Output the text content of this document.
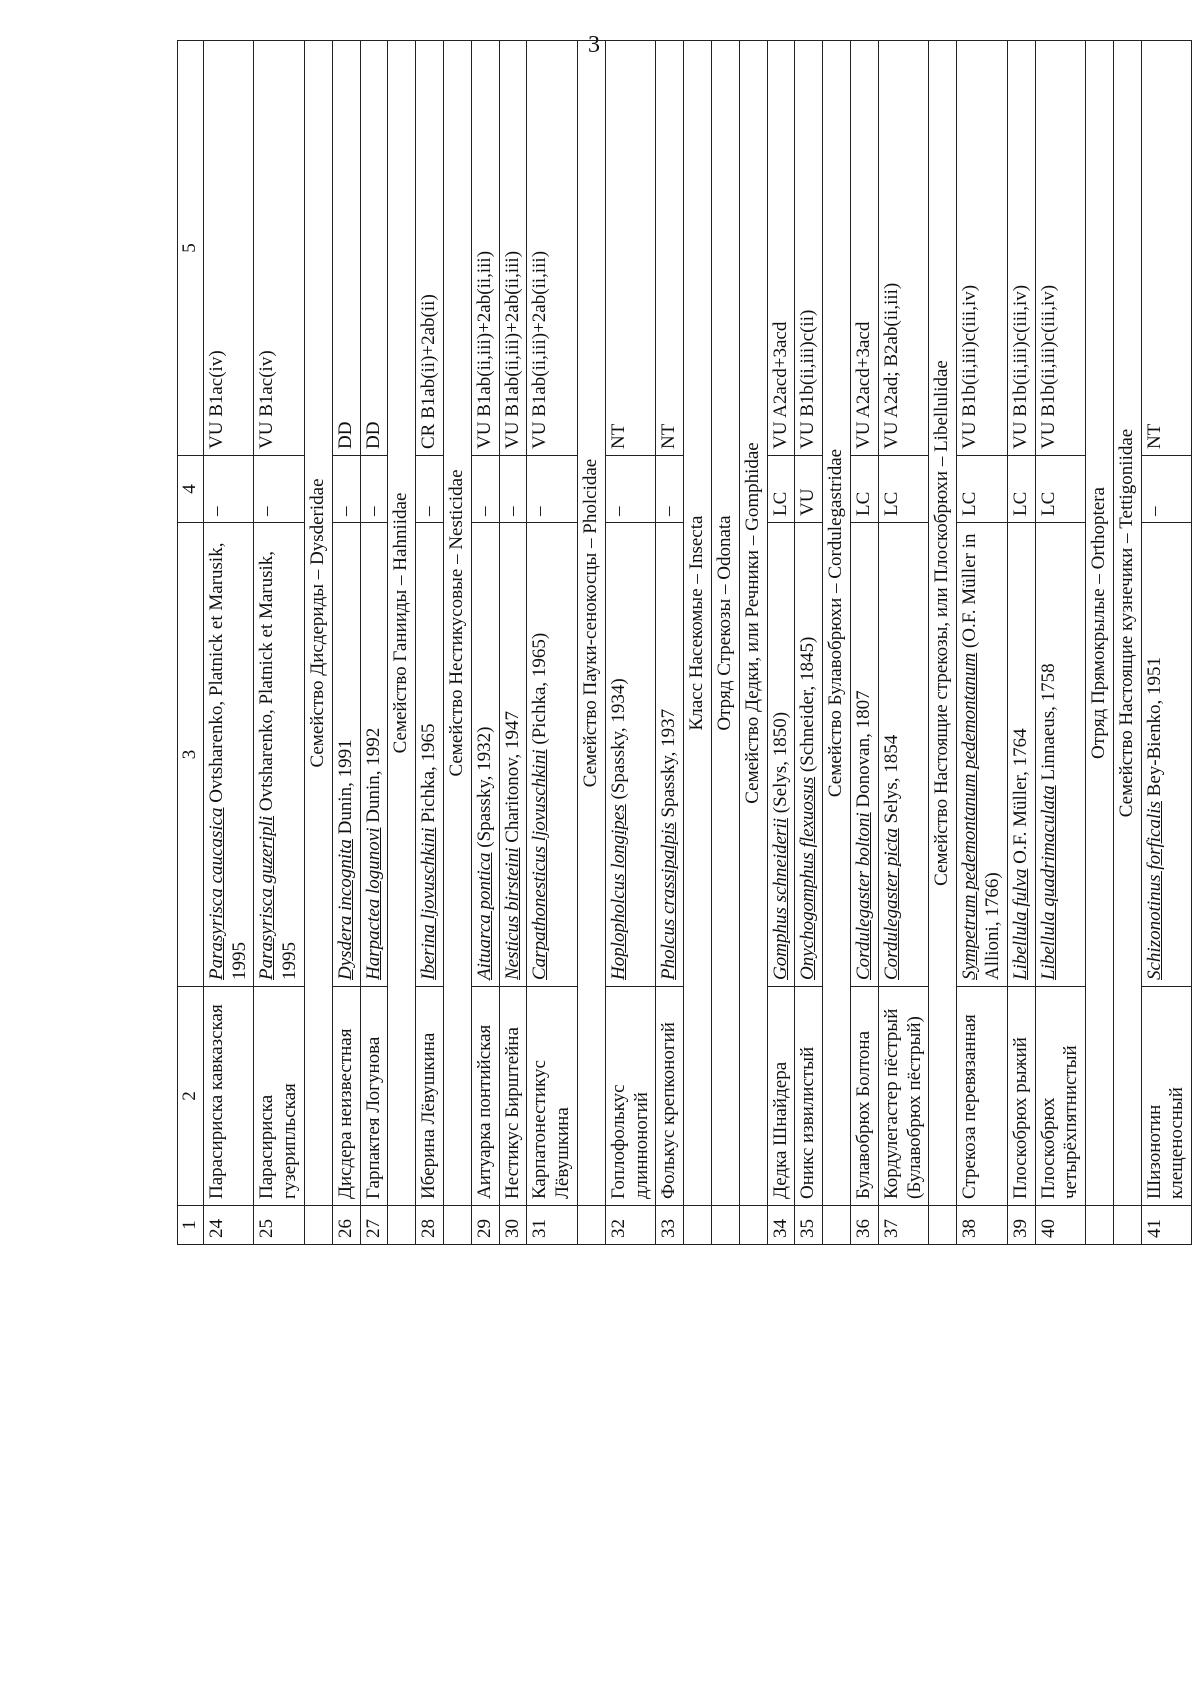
3
1	2	3	4	5
24	Парасириска кавказская	Parasyrisca caucasica Ovtsharenko, Platnick et Marusik, 1995	–	VU B1ac(iv)
25	Парасириска гузерипльская	Parasyrisca guzeripli Ovtsharenko, Platnick et Marusik, 1995	–	VU B1ac(iv)
	Семейство Дисдериды – Dysderidae			
26	Дисдера неизвестная	Dysdera incognita Dunin, 1991	–	DD
27	Гарпактея Логунова	Harpactea logunovi Dunin, 1992	–	DD
	Семейство Ганииды – Hahniidae			
28	Иберина Лёвушкина	Iberina ljovuschkini Pichka, 1965	–	CR B1ab(ii)+2ab(ii)
	Семейство Нестикусовые – Nesticidae			
29	Аитуарка понтийская	Aituarca pontica (Spassky, 1932)	–	VU B1ab(ii,iii)+2ab(ii,iii)
30	Нестикус Бирштейна	Nesticus birsteini Charitonov, 1947	–	VU B1ab(ii,iii)+2ab(ii,iii)
31	Карпатонестикус Лёвушкина	Carpathonesticus ljovuschkini (Pichka, 1965)	–	VU B1ab(ii,iii)+2ab(ii,iii)
	Семейство Пауки-сенокосцы – Pholcidae			
32	Гоплофолькус длинноногий	Hoplopholcus longipes (Spassky, 1934)	–	NT
33	Фолькус крепконогий	Pholcus crassipalpis Spassky, 1937	–	NT
	Класс Насекомые – Insecta			
	Отряд Стрекозы – Odonata			
	Семейство Дедки, или Речники – Gomphidae			
34	Дедка Шнайдера	Gomphus schneiderii (Selys, 1850)	LC	VU A2acd+3acd
35	Оникс извилистый	Onychogomphus flexuosus (Schneider, 1845)	VU	VU B1b(ii,iii)c(ii)
	Семейство Булавобрюхи – Cordulegastridae			
36	Булавобрюх Болтона	Cordulegaster boltoni Donovan, 1807	LC	VU A2acd+3acd
37	Кордулегастер пёстрый (Булавобрюх пёстрый)	Cordulegaster picta Selys, 1854	LC	VU A2ad; B2ab(ii,iii)
	Семейство Настоящие стрекозы, или Плоскобрюхи – Libellulidae			
38	Стрекоза перевязанная	Sympetrum pedemontanum pedemontanum (O.F. Müller in Allioni, 1766)	LC	VU B1b(ii,iii)c(iii,iv)
39	Плоскобрюх рыжий	Libellula fulva O.F. Müller, 1764	LC	VU B1b(ii,iii)c(iii,iv)
40	Плоскобрюх четырёхпятнистый	Libellula quadrimaculata Linnaeus, 1758	LC	VU B1b(ii,iii)c(iii,iv)
	Отряд Прямокрылые – Orthoptera			
	Семейство Настоящие кузнечики – Tettigoniidae			
41	Шизонотин клещеносный	Schizonotinus forficalis Bey-Bienko, 1951	–	NT
